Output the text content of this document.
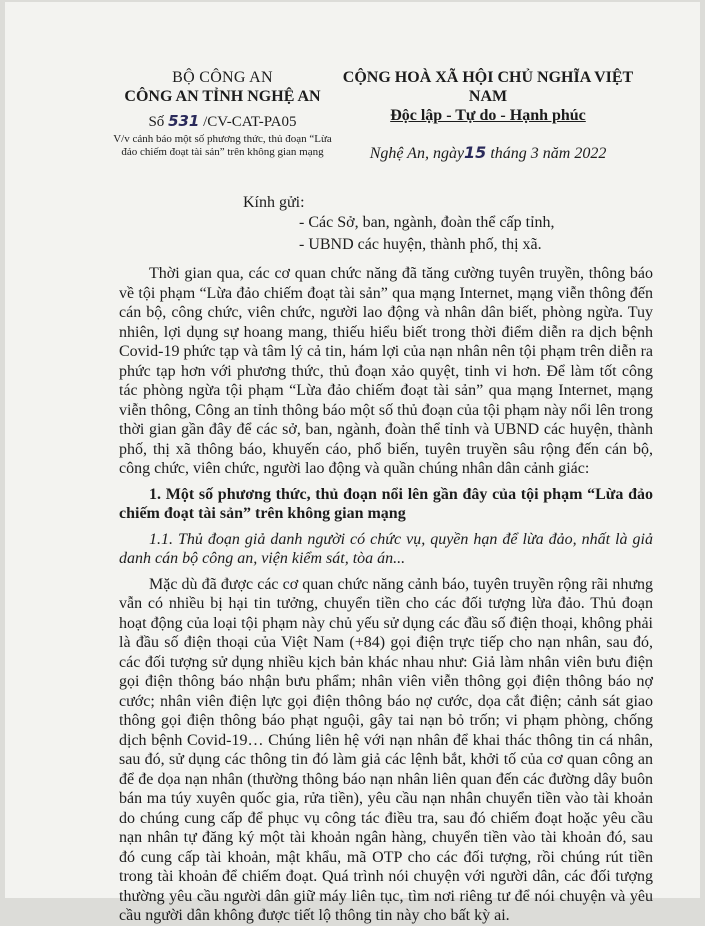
BỘ CÔNG AN
CÔNG AN TỈNH NGHỆ AN
Số 531 /CV-CAT-PA05
V/v cảnh báo một số phương thức, thủ đoạn “Lừa đảo chiếm đoạt tài sản” trên không gian mạng
CỘNG HOÀ XÃ HỘI CHỦ NGHĨA VIỆT NAM
Độc lập - Tự do - Hạnh phúc
Nghệ An, ngày15 tháng 3 năm 2022
Kính gửi:
- Các Sở, ban, ngành, đoàn thể cấp tỉnh,
- UBND các huyện, thành phố, thị xã.

Thời gian qua, các cơ quan chức năng đã tăng cường tuyên truyền, thông báo về tội phạm “Lừa đảo chiếm đoạt tài sản” qua mạng Internet, mạng viễn thông đến cán bộ, công chức, viên chức, người lao động và nhân dân biết, phòng ngừa. Tuy nhiên, lợi dụng sự hoang mang, thiếu hiểu biết trong thời điểm diễn ra dịch bệnh Covid-19 phức tạp và tâm lý cả tin, hám lợi của nạn nhân nên tội phạm trên diễn ra phức tạp hơn với phương thức, thủ đoạn xảo quyệt, tinh vi hơn. Để làm tốt công tác phòng ngừa tội phạm “Lừa đảo chiếm đoạt tài sản” qua mạng Internet, mạng viễn thông, Công an tỉnh thông báo một số thủ đoạn của tội phạm này nổi lên trong thời gian gần đây để các sở, ban, ngành, đoàn thể tỉnh và UBND các huyện, thành phố, thị xã thông báo, khuyến cáo, phổ biến, tuyên truyền sâu rộng đến cán bộ, công chức, viên chức, người lao động và quần chúng nhân dân cảnh giác:

1. Một số phương thức, thủ đoạn nổi lên gần đây của tội phạm “Lừa đảo chiếm đoạt tài sản” trên không gian mạng

1.1. Thủ đoạn giả danh người có chức vụ, quyền hạn để lừa đảo, nhất là giả danh cán bộ công an, viện kiểm sát, tòa án...

Mặc dù đã được các cơ quan chức năng cảnh báo, tuyên truyền rộng rãi nhưng vẫn có nhiều bị hại tin tưởng, chuyển tiền cho các đối tượng lừa đảo. Thủ đoạn hoạt động của loại tội phạm này chủ yếu sử dụng các đầu số điện thoại, không phải là đầu số điện thoại của Việt Nam (+84) gọi điện trực tiếp cho nạn nhân, sau đó, các đối tượng sử dụng nhiều kịch bản khác nhau như: Giả làm nhân viên bưu điện gọi điện thông báo nhận bưu phẩm; nhân viên viễn thông gọi điện thông báo nợ cước; nhân viên điện lực gọi điện thông báo nợ cước, dọa cắt điện; cảnh sát giao thông gọi điện thông báo phạt nguội, gây tai nạn bỏ trốn; vi phạm phòng, chống dịch bệnh Covid-19… Chúng liên hệ với nạn nhân để khai thác thông tin cá nhân, sau đó, sử dụng các thông tin đó làm giả các lệnh bắt, khởi tố của cơ quan công an để đe dọa nạn nhân (thường thông báo nạn nhân liên quan đến các đường dây buôn bán ma túy xuyên quốc gia, rửa tiền), yêu cầu nạn nhân chuyển tiền vào tài khoản do chúng cung cấp để phục vụ công tác điều tra, sau đó chiếm đoạt hoặc yêu cầu nạn nhân tự đăng ký một tài khoản ngân hàng, chuyển tiền vào tài khoản đó, sau đó cung cấp tài khoản, mật khẩu, mã OTP cho các đối tượng, rồi chúng rút tiền trong tài khoản để chiếm đoạt. Quá trình nói chuyện với người dân, các đối tượng thường yêu cầu người dân giữ máy liên tục, tìm nơi riêng tư để nói chuyện và yêu cầu người dân không được tiết lộ thông tin này cho bất kỳ ai.
